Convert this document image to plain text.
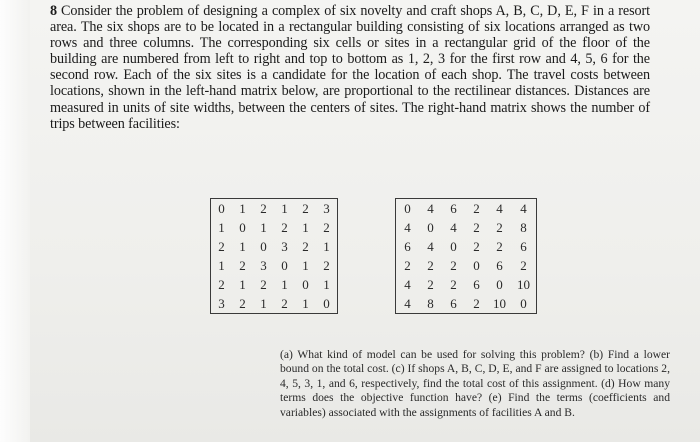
8 Consider the problem of designing a complex of six novelty and craft shops A, B, C, D, E, F in a resort area. The six shops are to be located in a rectangular building consisting of six locations arranged as two rows and three columns. The corresponding six cells or sites in a rectangular grid of the floor of the building are numbered from left to right and top to bottom as 1, 2, 3 for the first row and 4, 5, 6 for the second row. Each of the six sites is a candidate for the location of each shop. The travel costs between locations, shown in the left-hand matrix below, are proportional to the rectilinear distances. Distances are measured in units of site widths, between the centers of sites. The right-hand matrix shows the number of trips between facilities:

0	1	2	1	2	3
1	0	1	2	1	2
2	1	0	3	2	1
1	2	3	0	1	2
2	1	2	1	0	1
3	2	1	2	1	0
0	4	6	2	4	4
4	0	4	2	2	8
6	4	0	2	2	6
2	2	2	0	6	2
4	2	2	6	0	10
4	8	6	2	10	0

(a) What kind of model can be used for solving this problem? (b) Find a lower bound on the total cost. (c) If shops A, B, C, D, E, and F are assigned to locations 2, 4, 5, 3, 1, and 6, respectively, find the total cost of this assignment. (d) How many terms does the objective function have? (e) Find the terms (coefficients and variables) associated with the assignments of facilities A and B.
